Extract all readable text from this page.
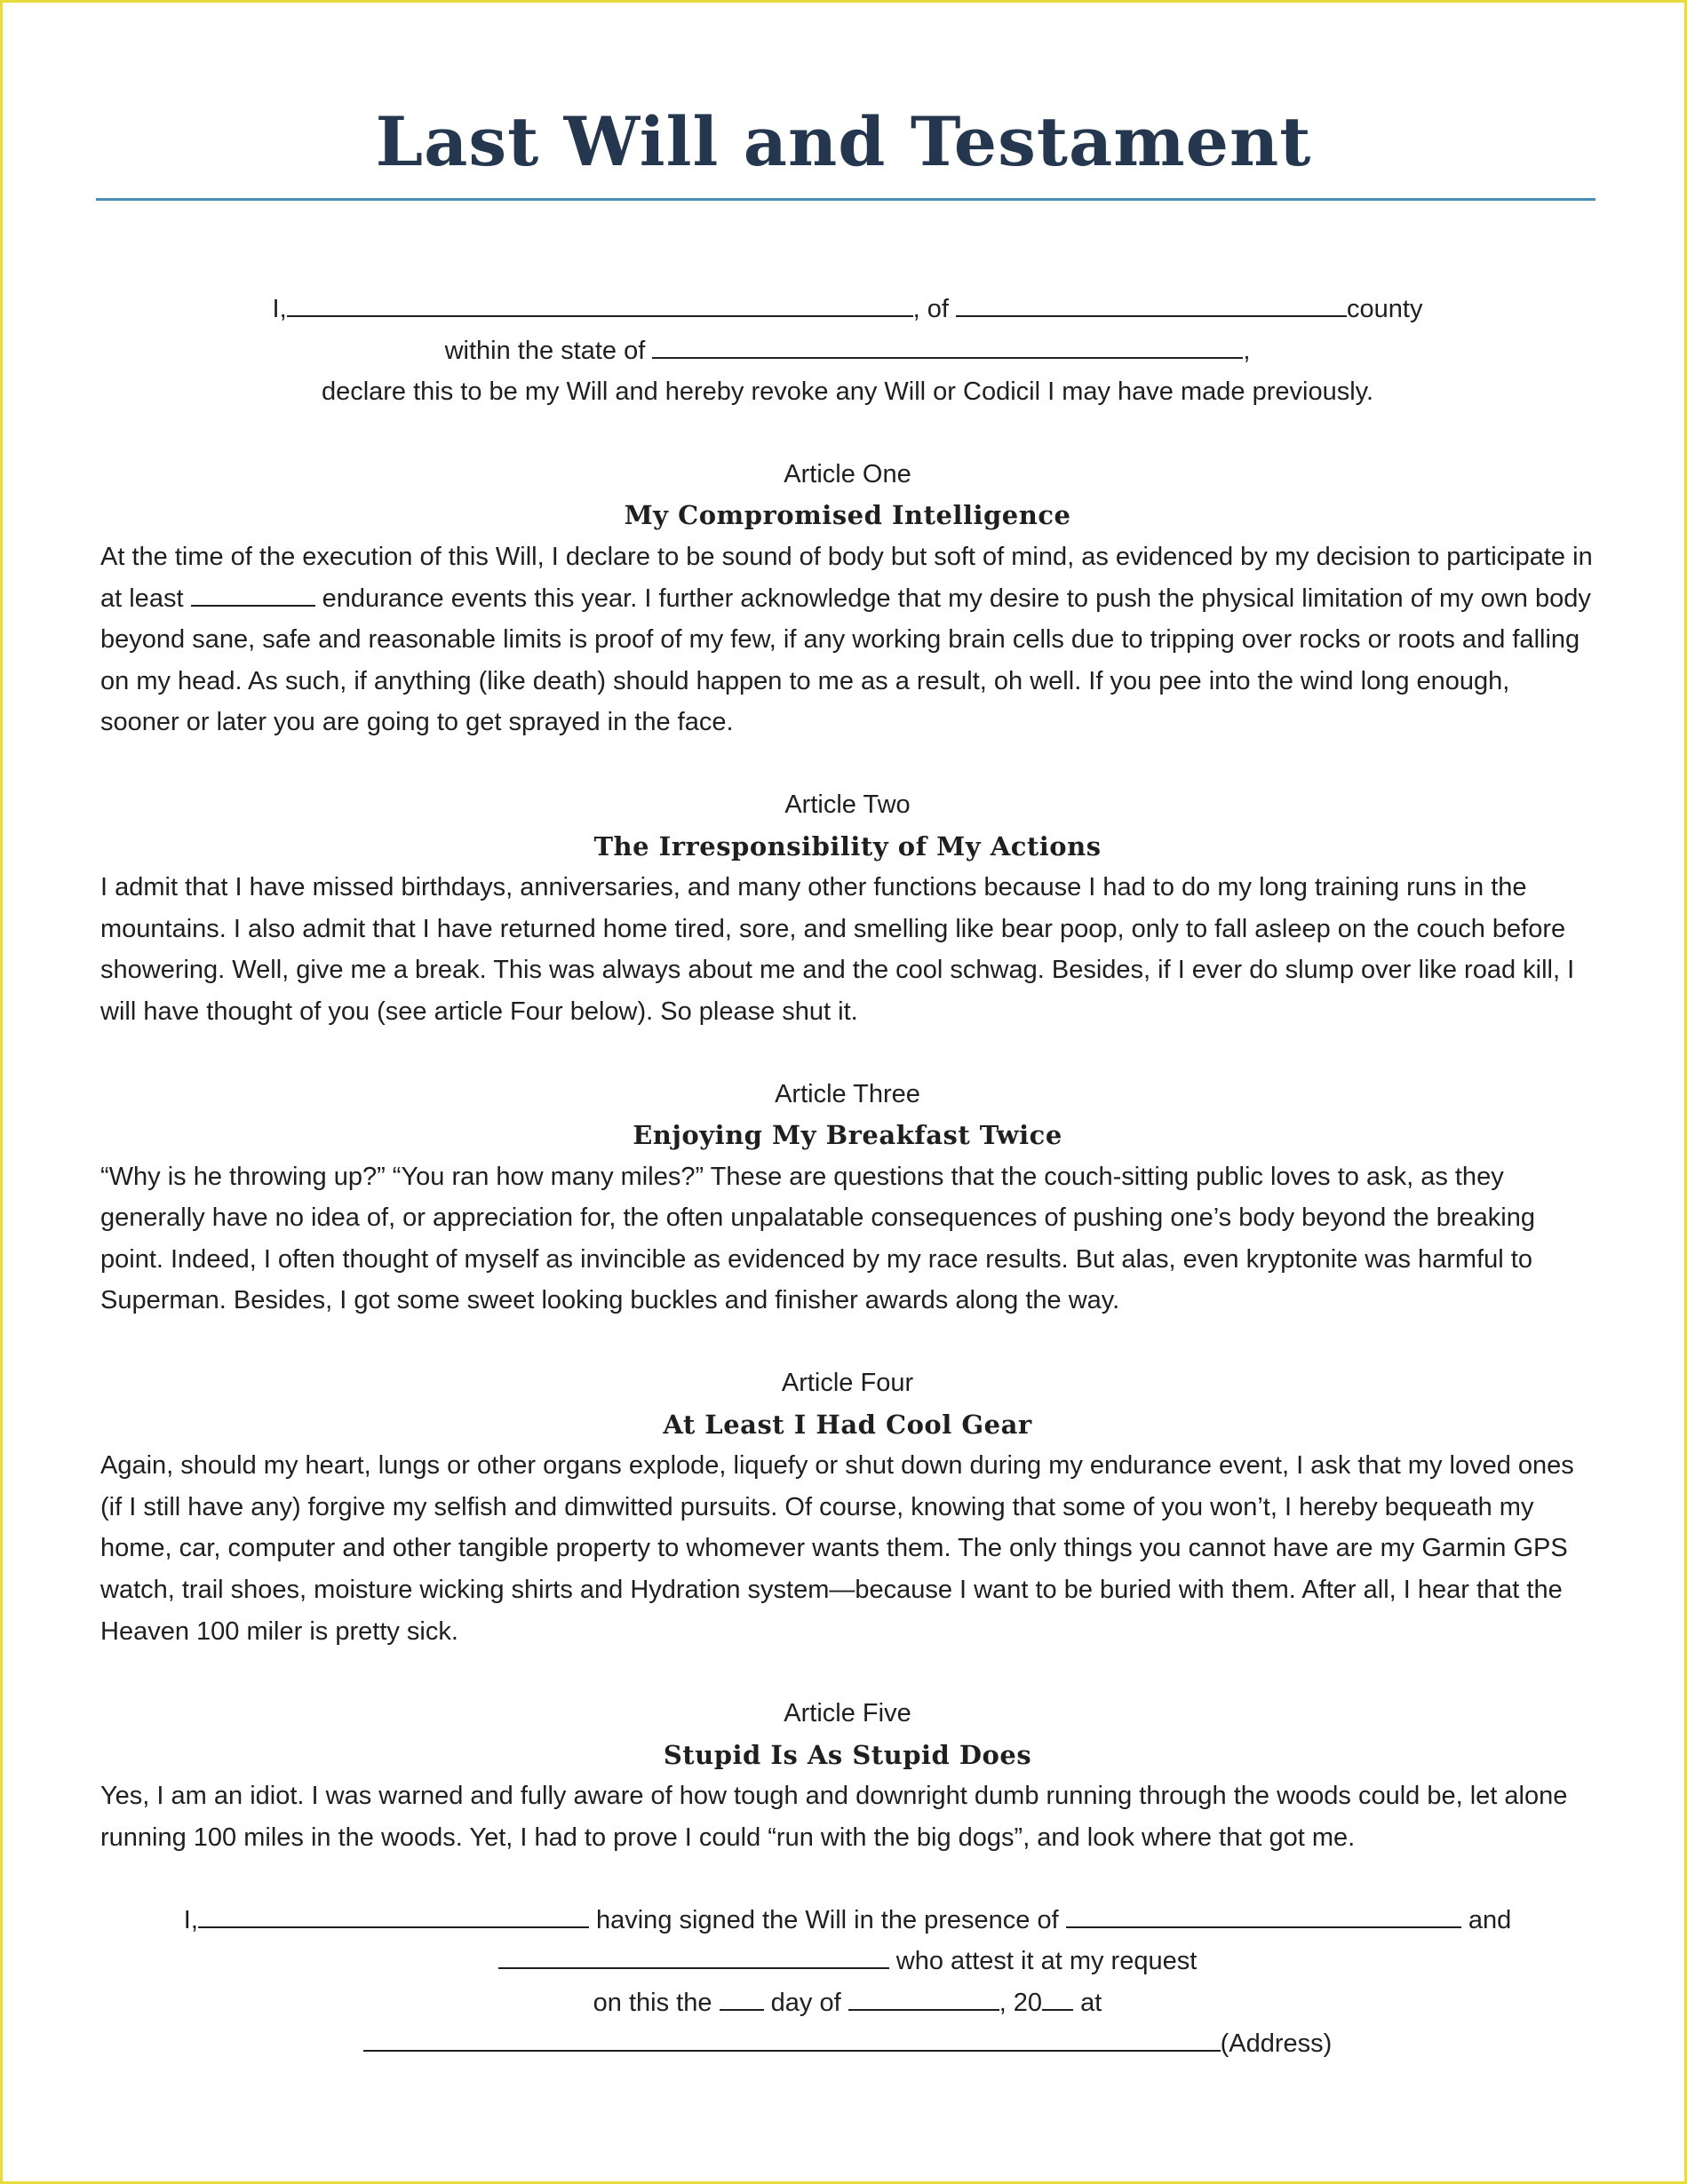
Last Will and Testament
I,	, of	county
within the state of	,
declare this to be my Will and hereby revoke any Will or Codicil I may have made previously.
Article One
My Compromised Intelligence
At the time of the execution of this Will, I declare to be sound of body but soft of mind, as evidenced by my decision to participate in at least	endurance events this year. I further acknowledge that my desire to push the physical limitation of my own body beyond sane, safe and reasonable limits is proof of my few, if any working brain cells due to tripping over rocks or roots and falling on my head. As such, if anything (like death) should happen to me as a result, oh well. If you pee into the wind long enough, sooner or later you are going to get sprayed in the face.
Article Two
The Irresponsibility of My Actions
I admit that I have missed birthdays, anniversaries, and many other functions because I had to do my long training runs in the mountains. I also admit that I have returned home tired, sore, and smelling like bear poop, only to fall asleep on the couch before showering. Well, give me a break. This was always about me and the cool schwag. Besides, if I ever do slump over like road kill, I will have thought of you (see article Four below). So please shut it.
Article Three
Enjoying My Breakfast Twice
“Why is he throwing up?” “You ran how many miles?” These are questions that the couch-sitting public loves to ask, as they generally have no idea of, or appreciation for, the often unpalatable consequences of pushing one’s body beyond the breaking point. Indeed, I often thought of myself as invincible as evidenced by my race results. But alas, even kryptonite was harmful to Superman. Besides, I got some sweet looking buckles and finisher awards along the way.
Article Four
At Least I Had Cool Gear
Again, should my heart, lungs or other organs explode, liquefy or shut down during my endurance event, I ask that my loved ones (if I still have any) forgive my selfish and dimwitted pursuits. Of course, knowing that some of you won’t, I hereby bequeath my home, car, computer and other tangible property to whomever wants them. The only things you cannot have are my Garmin GPS watch, trail shoes, moisture wicking shirts and Hydration system—because I want to be buried with them. After all, I hear that the Heaven 100 miler is pretty sick.
Article Five
Stupid Is As Stupid Does
Yes, I am an idiot. I was warned and fully aware of how tough and downright dumb running through the woods could be, let alone running 100 miles in the woods. Yet, I had to prove I could “run with the big dogs”, and look where that got me.
I,	having signed the Will in the presence of	and
who attest it at my request
on this the day of	, 20 at
(Address)
